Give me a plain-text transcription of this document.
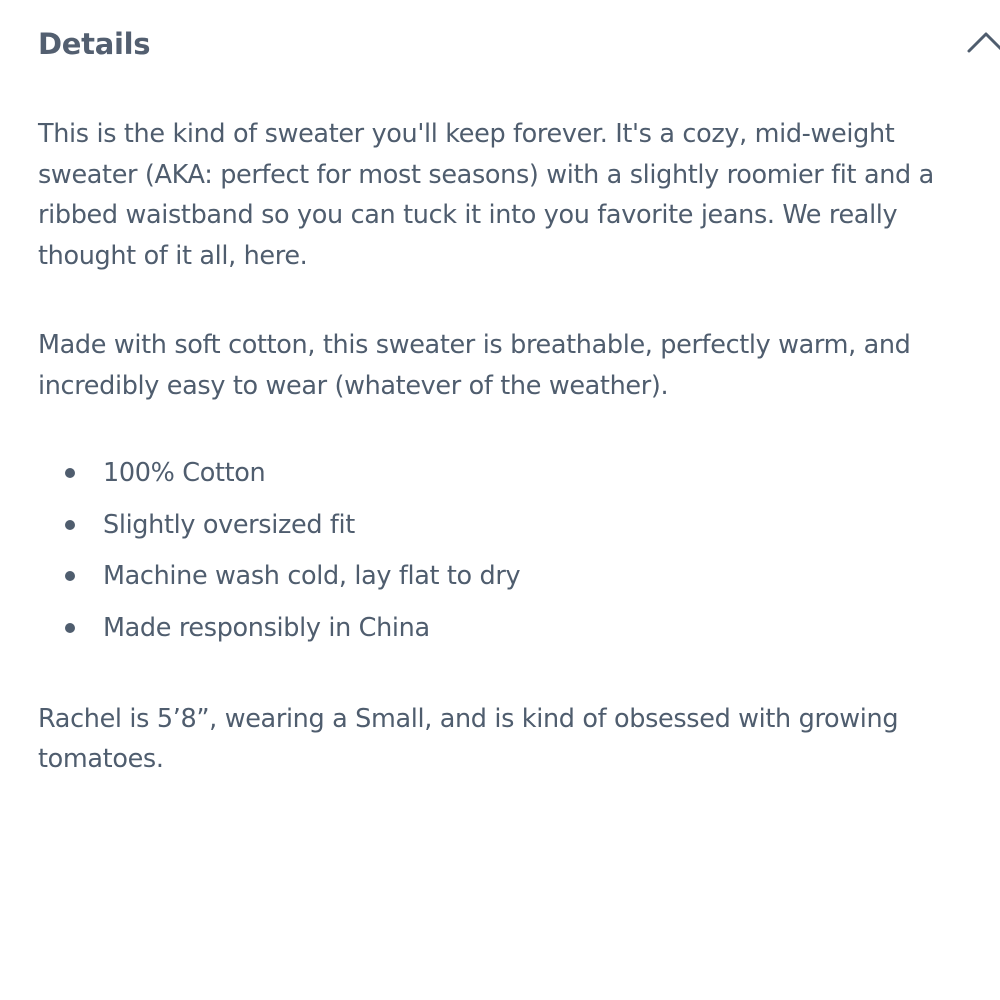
Details

This is the kind of sweater you'll keep forever. It's a cozy, mid-weight sweater (AKA: perfect for most seasons) with a slightly roomier fit and a ribbed waistband so you can tuck it into you favorite jeans. We really thought of it all, here.

Made with soft cotton, this sweater is breathable, perfectly warm, and incredibly easy to wear (whatever of the weather).

100% Cotton
Slightly oversized fit
Machine wash cold, lay flat to dry
Made responsibly in China

Rachel is 5’8”, wearing a Small, and is kind of obsessed with growing tomatoes.
